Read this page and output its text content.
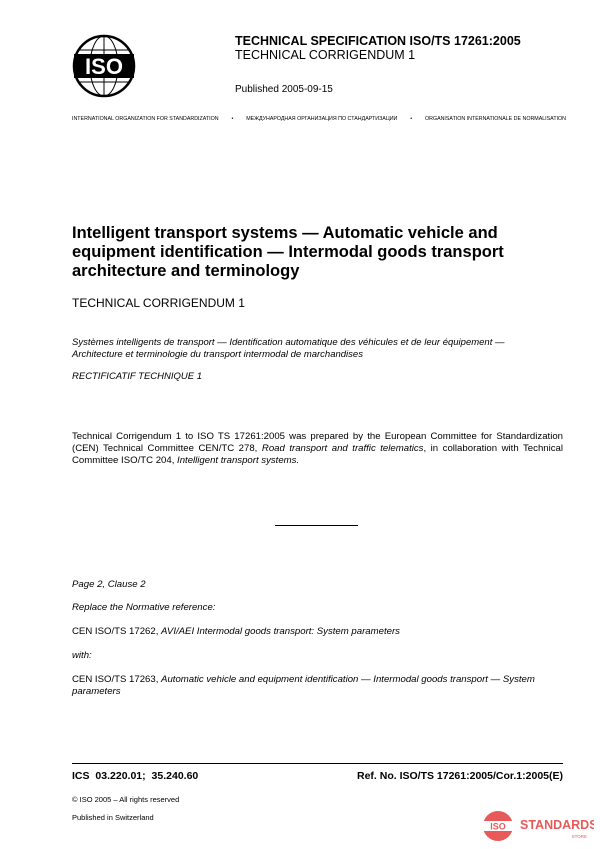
ISO
TECHNICAL SPECIFICATION ISO/TS 17261:2005
TECHNICAL CORRIGENDUM 1
Published 2005-09-15
INTERNATIONAL ORGANIZATION FOR STANDARDIZATION • МЕЖДУНАРОДНАЯ ОРГАНИЗАЦИЯ ПО СТАНДАРТИЗАЦИИ • ORGANISATION INTERNATIONALE DE NORMALISATION
Intelligent transport systems — Automatic vehicle and equipment identification — Intermodal goods transport architecture and terminology
TECHNICAL CORRIGENDUM 1
Systèmes intelligents de transport — Identification automatique des véhicules et de leur équipement — Architecture et terminologie du transport intermodal de marchandises
RECTIFICATIF TECHNIQUE 1
Technical Corrigendum 1 to ISO TS 17261:2005 was prepared by the European Committee for Standardization (CEN) Technical Committee CEN/TC 278, Road transport and traffic telematics, in collaboration with Technical Committee ISO/TC 204, Intelligent transport systems.
Page 2, Clause 2
Replace the Normative reference:
CEN ISO/TS 17262, AVI/AEI Intermodal goods transport: System parameters
with:
CEN ISO/TS 17263, Automatic vehicle and equipment identification — Intermodal goods transport — System parameters
ICS 03.220.01; 35.240.60	Ref. No. ISO/TS 17261:2005/Cor.1:2005(E)
© ISO 2005 – All rights reserved
Published in Switzerland
ISO STANDARDS
STORE
